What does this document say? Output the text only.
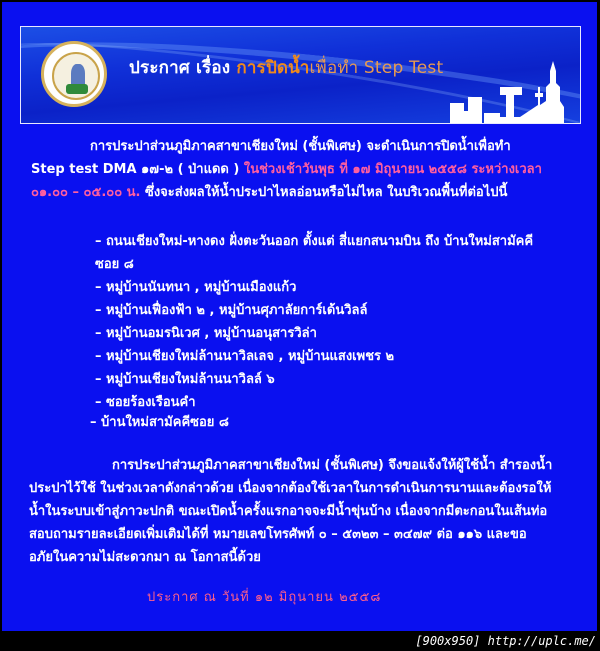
ประกาศ เรื่อง การปิดน้ำเพื่อทำ Step Test
การประปาส่วนภูมิภาคสาขาเชียงใหม่ (ชั้นพิเศษ) จะดำเนินการปิดน้ำเพื่อทำ
Step test DMA ๑๗-๒ ( ป่าแดด ) ในช่วงเช้าวันพุธ ที่ ๑๗ มิถุนายน ๒๕๕๘ ระหว่างเวลา
๐๑.๐๐ – ๐๕.๐๐ น. ซึ่งจะส่งผลให้น้ำประปาไหลอ่อนหรือไม่ไหล ในบริเวณพื้นที่ต่อไปนี้
– ถนนเชียงใหม่-หางดง ฝั่งตะวันออก ตั้งแต่ สี่แยกสนามบิน ถึง บ้านใหม่สามัคคี
ซอย ๘
– หมู่บ้านนันทนา , หมู่บ้านเมืองแก้ว
– หมู่บ้านเฟื่องฟ้า ๒ , หมู่บ้านศุภาลัยการ์เด้นวิลล์
– หมู่บ้านอมรนิเวศ , หมู่บ้านอนุสารวิล่า
– หมู่บ้านเชียงใหม่ล้านนาวิลเลจ , หมู่บ้านแสงเพชร ๒
– หมู่บ้านเชียงใหม่ล้านนาวิลล์ ๖
– ซอยร้องเรือนคำ
– บ้านใหม่สามัคคีซอย ๘
การประปาส่วนภูมิภาคสาขาเชียงใหม่ (ชั้นพิเศษ) จึงขอแจ้งให้ผู้ใช้น้ำ สำรองน้ำ
ประปาไว้ใช้ ในช่วงเวลาดังกล่าวด้วย เนื่องจากต้องใช้เวลาในการดำเนินการนานและต้องรอให้
น้ำในระบบเข้าสู่ภาวะปกติ ขณะเปิดน้ำครั้งแรกอาจจะมีน้ำขุ่นบ้าง เนื่องจากมีตะกอนในเส้นท่อ
สอบถามรายละเอียดเพิ่มเติมได้ที่ หมายเลขโทรศัพท์ ๐ – ๕๓๒๓ – ๓๔๗๙ ต่อ ๑๑๖ และขอ
อภัยในความไม่สะดวกมา ณ โอกาสนี้ด้วย
ประกาศ ณ วันที่ ๑๒ มิถุนายน ๒๕๕๘
[900x950] http://uplc.me/
